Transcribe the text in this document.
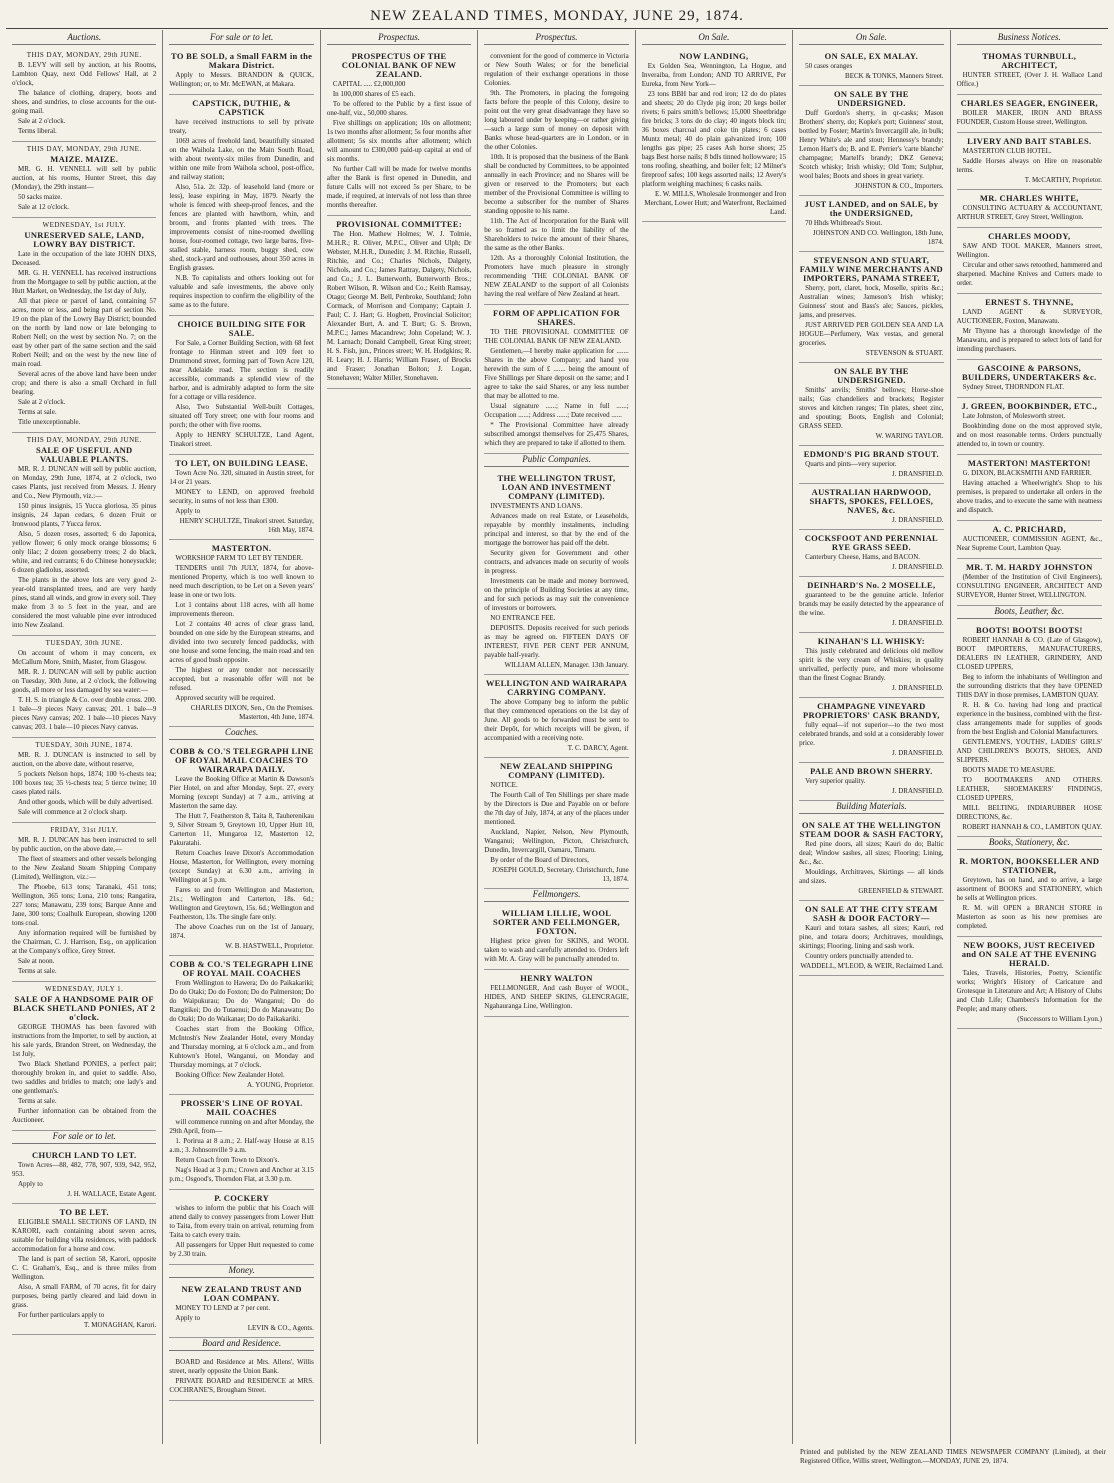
NEW ZEALAND TIMES, MONDAY, JUNE 29, 1874.
Auctions.
THIS DAY, MONDAY, 29th JUNE.

B. LEVY will sell by auction, at his Rooms, Lambton Quay, next Odd Fellows' Hall, at 2 o'clock,

The balance of clothing, drapery, boots and shoes, and sundries, to close accounts for the out-going mail.

Sale at 2 o'clock.

Terms liberal.

THIS DAY, MONDAY, 29th JUNE.
MAIZE. MAIZE.

MR. G. H. VENNELL will sell by public auction, at his rooms, Hunter Street, this day (Monday), the 29th instant—

50 sacks maize.

Sale at 12 o'clock.

WEDNESDAY, 1st JULY.
UNRESERVED SALE, LAND, LOWRY BAY DISTRICT.

Late in the occupation of the late JOHN DIXS, Deceased.

MR. G. H. VENNELL has received instructions from the Mortgagee to sell by public auction, at the Hutt Market, on Wednesday, the 1st day of July,

All that piece or parcel of land, containing 57 acres, more or less, and being part of section No. 19 on the plan of the Lowry Bay District; bounded on the north by land now or late belonging to Robert Nell; on the west by section No. 7; on the east by other part of the same section and the said Robert Neill; and on the west by the new line of main road.

Several acres of the above land have been under crop; and there is also a small Orchard in full bearing.

Sale at 2 o'clock.

Terms at sale.

Title unexceptionable.

THIS DAY, MONDAY, 29th JUNE.
SALE OF USEFUL AND VALUABLE PLANTS.

MR. R. J. DUNCAN will sell by public auction, on Monday, 29th June, 1874, at 2 o'clock, two cases Plants, just received from Messrs. J. Henry and Co., New Plymouth, viz.:—

150 pinus insignis, 15 Yucca gloriosa, 35 pinus insignis, 24 Japan cedars, 6 dozen Fruit or Ironwood plants, 7 Yucca ferox.

Also, 5 dozen roses, assorted; 6 do Japonica, yellow flower; 6 only mock orange blossoms; 6 only lilac; 2 dozen gooseberry trees; 2 do black, white, and red currants; 6 do Chinese honeysuckle; 6 dozen gladiolus, assorted.

The plants in the above lots are very good 2-year-old transplanted trees, and are very hardy pines, stand all winds, and grow in every soil. They make from 3 to 5 feet in the year, and are considered the most valuable pine ever introduced into New Zealand.

TUESDAY, 30th JUNE.

On account of whom it may concern, ex McCallum More, Smith, Master, from Glasgow.

MR. R. J. DUNCAN will sell by public auction on Tuesday, 30th June, at 2 o'clock, the following goods, all more or less damaged by sea water:—

T. H. S. in triangle & Co. over double cross. 200. 1 bale—9 pieces Navy canvas; 201. 1 bale—9 pieces Navy canvas; 202. 1 bale—10 pieces Navy canvas; 203. 1 bale—10 pieces Navy canvas.

TUESDAY, 30th JUNE, 1874.

MR. R. J. DUNCAN is instructed to sell by auction, on the above date, without reserve,

5 pockets Nelson hops, 1874; 100 ½-chests tea; 100 boxes tea; 35 ½-chests tea; 5 tierce twine; 10 cases plated rails.

And other goods, which will be duly advertised.

Sale will commence at 2 o'clock sharp.

FRIDAY, 31st JULY.

MR. R. J. DUNCAN has been instructed to sell by public auction, on the above date,—

The fleet of steamers and other vessels belonging to the New Zealand Steam Shipping Company (Limited), Wellington, viz.:—

The Phoebe, 613 tons; Taranaki, 451 tons; Wellington, 365 tons; Luna, 210 tons; Rangatira, 227 tons; Manawatu, 239 tons; Barque Anne and Jane, 300 tons; Coalhulk European, showing 1200 tons coal.

Any information required will be furnished by the Chairman, C. J. Harrison, Esq., on application at the Company's office, Grey Street.

Sale at noon.

Terms at sale.

WEDNESDAY, JULY 1.
SALE OF A HANDSOME PAIR OF BLACK SHETLAND PONIES, AT 2 o'clock.

GEORGE THOMAS has been favored with instructions from the Importer, to sell by auction, at his sale yards, Brandon Street, on Wednesday, the 1st July,

Two Black Shetland PONIES, a perfect pair; thoroughly broken in, and quiet to saddle. Also, two saddles and bridles to match; one lady's and one gentleman's.

Terms at sale.

Further information can be obtained from the Auctioneer.

For sale or to let.
CHURCH LAND TO LET.

Town Acres—88, 482, 778, 907, 939, 942, 952, 953.

Apply to

J. H. WALLACE, Estate Agent.
TO BE LET.

ELIGIBLE SMALL SECTIONS OF LAND, IN KARORI, each containing about seven acres, suitable for building villa residences, with paddock accommodation for a horse and cow.

The land is part of section 58, Karori, opposite C. C. Graham's, Esq., and is three miles from Wellington.

Also, A small FARM, of 70 acres, fit for dairy purposes, being partly cleared and laid down in grass.

For further particulars apply to

T. MONAGHAN, Karori.
For sale or to let.
TO BE SOLD, a Small FARM in the Makara District.

Apply to Messrs. BRANDON & QUICK, Wellington; or, to Mr. McEWAN, at Makara.

CAPSTICK, DUTHIE, & CAPSTICK

have received instructions to sell by private treaty,

1069 acres of freehold land, beautifully situated on the Waihola Lake, on the Main South Road, with about twenty-six miles from Dunedin, and within one mile from Waihola school, post-office, and railway station;

Also, 51a. 2r. 32p. of leasehold land (more or less), lease expiring in May, 1879. Nearly the whole is fenced with sheep-proof fences, and the fences are planted with hawthorn, whin, and broom, and fronts planted with trees. The improvements consist of nine-roomed dwelling house, four-roomed cottage, two large barns, five-stalled stable, harness room, buggy shed, cow shed, stock-yard and outhouses, about 350 acres in English grasses.

N.B. To capitalists and others looking out for valuable and safe investments, the above only requires inspection to confirm the eligibility of the same as to the future.

CHOICE BUILDING SITE FOR SALE.

For Sale, a Corner Building Section, with 68 feet frontage to Hinman street and 109 feet to Drummond street, forming part of Town Acre 120, near Adelaide road. The section is readily accessible, commands a splendid view of the harbor, and is admirably adapted to form the site for a cottage or villa residence.

Also, Two Substantial Well-built Cottages, situated off Tory street; one with four rooms and porch; the other with five rooms.

Apply to HENRY SCHULTZE, Land Agent, Tinakori street.

TO LET, ON BUILDING LEASE.

Town Acre No. 320, situated in Austin street, for 14 or 21 years.

MONEY to LEND, on approved freehold security, in sums of not less than £300.

Apply to

HENRY SCHULTZE, Tinakori street. Saturday, 16th May, 1874.
MASTERTON.

WORKSHOP FARM TO LET BY TENDER.

TENDERS until 7th JULY, 1874, for above-mentioned Property, which is too well known to need much description, to be Let on a Seven years' lease in one or two lots.

Lot 1 contains about 118 acres, with all home improvements thereon.

Lot 2 contains 40 acres of clear grass land, bounded on one side by the European streams, and divided into two securely fenced paddocks, with one house and some fencing, the main road and ten acres of good bush opposite.

The highest or any tender not necessarily accepted, but a reasonable offer will not be refused.

Approved security will be required.

CHARLES DIXON, Sen., On the Premises. Masterton, 4th June, 1874.
Coaches.
COBB & CO.'S TELEGRAPH LINE OF ROYAL MAIL COACHES TO WAIRARAPA DAILY.

Leave the Booking Office at Martin & Dawson's Pier Hotel, on and after Monday, Sept. 27, every Morning (except Sunday) at 7 a.m., arriving at Masterton the same day.

The Hutt 7, Featherston 8, Taita 8, Tauherenikau 9, Silver Stream 9, Greytown 10, Upper Hutt 10, Carterton 11, Mungaroa 12, Masterton 12, Pakuratahi.

Return Coaches leave Dixon's Accommodation House, Masterton, for Wellington, every morning (except Sunday) at 6.30 a.m., arriving in Wellington at 5 p.m.

Fares to and from Wellington and Masterton, 21s.; Wellington and Carterton, 18s. 6d.; Wellington and Greytown, 15s. 6d.; Wellington and Featherston, 13s. The single fare only.

The above Coaches run on the 1st of January, 1874.

W. B. HASTWELL, Proprietor.
COBB & CO.'S TELEGRAPH LINE OF ROYAL MAIL COACHES

From Wellington to Hawera; Do do Paikakariki; Do do Otaki; Do do Foxton; Do do Palmerston; Do do Waipukurau; Do do Wanganui; Do do Rangitikei; Do do Tutaenui; Do do Manawatu; Do do Otaki; Do do Waikanae; Do do Paikakariki.

Coaches start from the Booking Office, McIntosh's New Zealander Hotel, every Monday and Thursday morning, at 6 o'clock a.m., and from Kuhtown's Hotel, Wanganui, on Monday and Thursday mornings, at 7 o'clock.

Booking Office: New Zealander Hotel.

A. YOUNG, Proprietor.
PROSSER'S LINE OF ROYAL MAIL COACHES

will commence running on and after Monday, the 29th April, from—

1. Porirua at 8 a.m.; 2. Half-way House at 8.15 a.m.; 3. Johnsonville 9 a.m.

Return Coach from Town to Dixon's.

Nag's Head at 3 p.m.; Crown and Anchor at 3.15 p.m.; Osgood's, Thorndon Flat, at 3.30 p.m.

P. COCKERY

wishes to inform the public that his Coach will attend daily to convey passengers from Lower Hutt to Taita, from every train on arrival, returning from Taita to catch every train.

All passengers for Upper Hutt requested to come by 2.30 train.

Money.
NEW ZEALAND TRUST AND LOAN COMPANY.

MONEY TO LEND at 7 per cent.

Apply to

LEVIN & CO., Agents.
Board and Residence.

BOARD and Residence at Mrs. Allens', Willis street, nearly opposite the Union Bank.

PRIVATE BOARD and RESIDENCE at MRS. COCHRANE'S, Brougham Street.

Prospectus.
PROSPECTUS OF THE COLONIAL BANK OF NEW ZEALAND.

CAPITAL ..... £2,000,000

In 100,000 shares of £5 each.

To be offered to the Public by a first issue of one-half, viz., 50,000 shares.

Five shillings on application; 10s on allotment; 1s two months after allotment; 5s four months after allotment; 5s six months after allotment; which will amount to £300,000 paid-up capital at end of six months.

No further Call will be made for twelve months after the Bank is first opened in Dunedin, and future Calls will not exceed 5s per Share, to be made, if required, at intervals of not less than three months thereafter.

PROVISIONAL COMMITTEE:

The Hon. Mathew Holmes; W. J. Tolmie, M.H.R.; R. Oliver, M.P.C., Oliver and Ulph; Dr Webster, M.H.R., Dunedin; J. M. Ritchie, Russell, Ritchie, and Co.; Charles Nichols, Dalgety, Nichols, and Co.; James Rattray, Dalgety, Nichols, and Co.; J. L. Butterworth, Butterworth Bros.; Robert Wilson, R. Wilson and Co.; Keith Ramsay, Otago; George M. Bell, Penbroke, Southland; John Cormack, of Morrison and Company; Captain J. Paul; C. J. Hart; G. Hogbett, Provincial Solicitor; Alexander Burt, A. and T. Burt; G. S. Brown, M.P.C.; James Macandrew; John Copeland; W. J. M. Larnach; Donald Campbell, Great King street; H. S. Fish, jun., Princes street; W. H. Hodgkins; R. H. Leary; H. J. Harris; William Fraser, of Brocks and Fraser; Jonathan Bolton; J. Logan, Stonehaven; Walter Miller, Stonehaven.

Prospectus.

convenient for the good of commerce in Victoria or New South Wales; or for the beneficial regulation of their exchange operations in those Colonies.

9th. The Promoters, in placing the foregoing facts before the people of this Colony, desire to point out the very great disadvantage they have so long laboured under by keeping—or rather giving—such a large sum of money on deposit with Banks whose head-quarters are in London, or in the other Colonies.

10th. It is proposed that the business of the Bank shall be conducted by Committees, to be appointed annually in each Province; and no Shares will be given or reserved to the Promoters; but each member of the Provisional Committee is willing to become a subscriber for the number of Shares standing opposite to his name.

11th. The Act of Incorporation for the Bank will be so framed as to limit the liability of the Shareholders to twice the amount of their Shares, the same as the other Banks.

12th. As a thoroughly Colonial Institution, the Promoters have much pleasure in strongly recommending 'THE COLONIAL BANK OF NEW ZEALAND' to the support of all Colonists having the real welfare of New Zealand at heart.

FORM OF APPLICATION FOR SHARES.

TO THE PROVISIONAL COMMITTEE OF THE COLONIAL BANK OF NEW ZEALAND.

Gentlemen,—I hereby make application for ....... Shares in the above Company; and hand you herewith the sum of £ ....... being the amount of Five Shillings per Share deposit on the same; and I agree to take the said Shares, or any less number that may be allotted to me.

Usual signature ......; Name in full ......; Occupation ......; Address ......; Date received ......

* The Provisional Committee have already subscribed amongst themselves for 25,475 Shares, which they are prepared to take if allotted to them.

Public Companies.
THE WELLINGTON TRUST, LOAN AND INVESTMENT COMPANY (LIMITED).

INVESTMENTS AND LOANS.

Advances made on real Estate, or Leaseholds, repayable by monthly instalments, including principal and interest, so that by the end of the mortgage the borrower has paid off the debt.

Security given for Government and other contracts, and advances made on security of wools in progress.

Investments can be made and money borrowed, on the principle of Building Societies at any time, and for such periods as may suit the convenience of investors or borrowers.

NO ENTRANCE FEE.

DEPOSITS. Deposits received for such periods as may be agreed on. FIFTEEN DAYS OF INTEREST, FIVE PER CENT PER ANNUM, payable half-yearly.

WILLIAM ALLEN, Manager. 13th January.
WELLINGTON AND WAIRARAPA CARRYING COMPANY.

The above Company beg to inform the public that they commenced operations on the 1st day of June. All goods to be forwarded must be sent to their Depôt, for which receipts will be given, if accompanied with a receiving note.

T. C. DARCY, Agent.
NEW ZEALAND SHIPPING COMPANY (LIMITED).

NOTICE.

The Fourth Call of Ten Shillings per share made by the Directors is Due and Payable on or before the 7th day of July, 1874, at any of the places under mentioned.

Auckland, Napier, Nelson, New Plymouth, Wanganui; Wellington, Picton, Christchurch, Dunedin, Invercargill, Oamaru, Timaru.

By order of the Board of Directors,

JOSEPH GOULD, Secretary. Christchurch, June 13, 1874.
Fellmongers.
WILLIAM LILLIE, WOOL SORTER AND FELLMONGER, FOXTON.

Highest price given for SKINS, and WOOL taken to wash and carefully attended to. Orders left with Mr. A. Gray will be punctually attended to.

HENRY WALTON

FELLMONGER, And cash Buyer of WOOL, HIDES, AND SHEEP SKINS, GLENCRAGIE, Ngahauranga Line, Wellington.

On Sale.
NOW LANDING,

Ex Golden Sea, Wennington, La Hogue, and Inveraiba, from London; AND TO ARRIVE, Per Eureka, from New York—

23 tons BBH bar and rod iron; 12 do do plates and sheets; 20 do Clyde pig iron; 20 kegs boiler rivets; 6 pairs smith's bellows; 15,000 Sheetbridge fire bricks; 3 tons do do clay; 40 ingots block tin; 36 boxes charcoal and coke tin plates; 6 cases Muntz metal; 40 do plain galvanized iron; 100 lengths gas pipe; 25 cases Ash horse shoes; 25 bags Best horse nails; 8 bdls tinned hollowware; 15 tons roofing, sheathing, and boiler felt; 12 Milner's fireproof safes; 100 kegs assorted nails; 12 Avery's platform weighing machines; 6 casks nails.

E. W. MILLS, Wholesale Ironmonger and Iron Merchant, Lower Hutt; and Waterfront, Reclaimed Land.
On Sale.
ON SALE, EX MALAY.

50 cases oranges

BECK & TONKS, Manners Street.
ON SALE BY THE UNDERSIGNED.

Duff Gordon's sherry, in qr-casks; Mason Brothers' sherry, do; Kopke's port; Guinness' stout, bottled by Foster; Martin's Invercargill ale, in bulk; Henry White's ale and stout; Hennessy's brandy; Lemon Hart's do; B. and E. Perrier's 'carte blanche' champagne; Martell's brandy; DKZ Geneva; Scotch whisky; Irish whisky; Old Tom; Sulphur, wool bales; Boots and shoes in great variety.

JOHNSTON & CO., Importers.
JUST LANDED, and on SALE, by the UNDERSIGNED,

70 Hhds Whitbread's Stout.

JOHNSTON AND CO. Wellington, 18th June, 1874.
STEVENSON AND STUART, FAMILY WINE MERCHANTS AND IMPORTERS, PANAMA STREET,

Sherry, port, claret, hock, Moselle, spirits &c.; Australian wines; Jameson's Irish whisky; Guinness' stout and Bass's ale; Sauces, pickles, jams, and preserves.

JUST ARRIVED PER GOLDEN SEA AND LA HOGUE—Perfumery, Wax vestas, and general groceries.

STEVENSON & STUART.
ON SALE BY THE UNDERSIGNED.

Smiths' anvils; Smiths' bellows; Horse-shoe nails; Gas chandeliers and brackets; Register stoves and kitchen ranges; Tin plates, sheet zinc, and spouting; Boots, English and Colonial; GRASS SEED.

W. WARING TAYLOR.
EDMOND'S PIG BRAND STOUT.

Quarts and pints—very superior.

J. DRANSFIELD.
AUSTRALIAN HARDWOOD, SHAFTS, SPOKES, FELLOES, NAVES, &c.
J. DRANSFIELD.
COCKSFOOT AND PERENNIAL RYE GRASS SEED.

Canterbury Cheese, Hams, and BACON.

J. DRANSFIELD.
DEINHARD'S No. 2 MOSELLE,

guaranteed to be the genuine article. Inferior brands may be easily detected by the appearance of the wine.

J. DRANSFIELD.
KINAHAN'S LL WHISKY:

This justly celebrated and delicious old mellow spirit is the very cream of Whiskies; in quality unrivalled, perfectly pure, and more wholesome than the finest Cognac Brandy.

J. DRANSFIELD.
CHAMPAGNE VINEYARD PROPRIETORS' CASK BRANDY,

fully equal—if not superior—to the two most celebrated brands, and sold at a considerably lower price.

J. DRANSFIELD.
PALE AND BROWN SHERRY.

Very superior quality.

J. DRANSFIELD.
Building Materials.
ON SALE AT THE WELLINGTON STEAM DOOR & SASH FACTORY,

Red pine doors, all sizes; Kauri do do; Baltic deal; Window sashes, all sizes; Flooring; Lining, &c., &c.

Mouldings, Architraves, Skirtings — all kinds and sizes.

GREENFIELD & STEWART.
ON SALE AT THE CITY STEAM SASH & DOOR FACTORY—

Kauri and totara sashes, all sizes; Kauri, red pine, and totara doors; Architraves, mouldings, skirtings; Flooring, lining and sash work.

Country orders punctually attended to.

WADDELL, M'LEOD, & WEIR, Reclaimed Land.
Business Notices.
THOMAS TURNBULL, ARCHITECT,

HUNTER STREET, (Over J. H. Wallace Land Office.)

CHARLES SEAGER, ENGINEER,

BOILER MAKER, IRON AND BRASS FOUNDER, Custom House street, Wellington.

LIVERY AND BAIT STABLES.

MASTERTON CLUB HOTEL.

Saddle Horses always on Hire on reasonable terms.

T. McCARTHY, Proprietor.
MR. CHARLES WHITE,

CONSULTING ACTUARY & ACCOUNTANT, ARTHUR STREET, Grey Street, Wellington.

CHARLES MOODY,

SAW AND TOOL MAKER, Manners street, Wellington.

Circular and other saws retoothed, hammered and sharpened. Machine Knives and Cutters made to order.

ERNEST S. THYNNE,

LAND AGENT & SURVEYOR, AUCTIONEER, Foxton, Manawatu.

Mr Thynne has a thorough knowledge of the Manawatu, and is prepared to select lots of land for intending purchasers.

GASCOINE & PARSONS, BUILDERS, UNDERTAKERS &c.

Sydney Street, THORNDON FLAT.

J. GREEN, BOOKBINDER, ETC.,

Late Johnston, of Molesworth street.

Bookbinding done on the most approved style, and on most reasonable terms. Orders punctually attended to, in town or country.

MASTERTON! MASTERTON!

G. DIXON, BLACKSMITH AND FARRIER.

Having attached a Wheelwright's Shop to his premises, is prepared to undertake all orders in the above trades, and to execute the same with neatness and dispatch.

A. C. PRICHARD,

AUCTIONEER, COMMISSION AGENT, &c., Near Supreme Court, Lambton Quay.

MR. T. M. HARDY JOHNSTON

(Member of the Institution of Civil Engineers), CONSULTING ENGINEER, ARCHITECT AND SURVEYOR, Hunter Street, WELLINGTON.

Boots, Leather, &c.
BOOTS! BOOTS! BOOTS!

ROBERT HANNAH & CO. (Late of Glasgow), BOOT IMPORTERS, MANUFACTURERS, DEALERS IN LEATHER, GRINDERY, AND CLOSED UPPERS,

Beg to inform the inhabitants of Wellington and the surrounding districts that they have OPENED THIS DAY in those premises, LAMBTON QUAY.

R. H. & Co. having had long and practical experience in the business, combined with the first-class arrangements made for supplies of goods from the best English and Colonial Manufacturers.

GENTLEMEN'S, YOUTHS', LADIES' GIRLS' AND CHILDREN'S BOOTS, SHOES, AND SLIPPERS.

BOOTS MADE TO MEASURE.

TO BOOTMAKERS AND OTHERS. LEATHER, SHOEMAKERS' FINDINGS, CLOSED UPPERS,

MILL BELTING, INDIARUBBER HOSE DIRECTIONS, &c.

ROBERT HANNAH & CO., LAMBTON QUAY.
Books, Stationery, &c.
R. MORTON, BOOKSELLER AND STATIONER,

Greytown, has on hand, and to arrive, a large assortment of BOOKS and STATIONERY, which he sells at Wellington prices.

R. M. will OPEN a BRANCH STORE in Masterton as soon as his new premises are completed.

NEW BOOKS, JUST RECEIVED and ON SALE AT THE EVENING HERALD.

Tales, Travels, Histories, Poetry, Scientific works; Wright's History of Caricature and Grotesque in Literature and Art; A History of Clubs and Club Life; Chambers's Information for the People; and many others.

(Successors to William Lyon.)
Printed and published by the NEW ZEALAND TIMES NEWSPAPER COMPANY (Limited), at their Registered Office, Willis street, Wellington.—MONDAY, JUNE 29, 1874.
